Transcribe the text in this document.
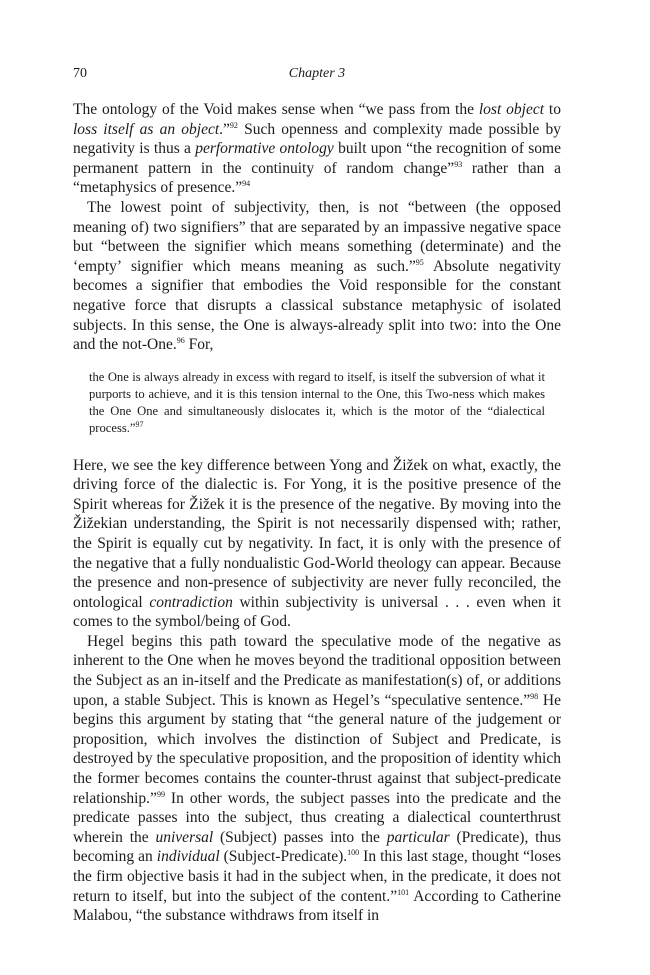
70	Chapter 3

The ontology of the Void makes sense when “we pass from the lost object to loss itself as an object.”$^{92}$ Such openness and complexity made possible by negativity is thus a performative ontology built upon “the recognition of some permanent pattern in the continuity of random change”$^{93}$ rather than a “metaphysics of presence.”$^{94}$

The lowest point of subjectivity, then, is not “between (the opposed meaning of) two signifiers” that are separated by an impassive negative space but “between the signifier which means something (determinate) and the ‘empty’ signifier which means meaning as such.”$^{95}$ Absolute negativity becomes a signifier that embodies the Void responsible for the constant negative force that disrupts a classical substance metaphysic of isolated subjects. In this sense, the One is always-already split into two: into the One and the not-One.$^{96}$ For,

the One is always already in excess with regard to itself, is itself the subversion of what it purports to achieve, and it is this tension internal to the One, this Two-ness which makes the One One and simultaneously dislocates it, which is the motor of the “dialectical process.”$^{97}$

Here, we see the key difference between Yong and Žižek on what, exactly, the driving force of the dialectic is. For Yong, it is the positive presence of the Spirit whereas for Žižek it is the presence of the negative. By moving into the Žižekian understanding, the Spirit is not necessarily dispensed with; rather, the Spirit is equally cut by negativity. In fact, it is only with the presence of the negative that a fully nondualistic God-World theology can appear. Because the presence and non-presence of subjectivity are never fully reconciled, the ontological contradiction within subjectivity is universal . . . even when it comes to the symbol/being of God.

Hegel begins this path toward the speculative mode of the negative as inherent to the One when he moves beyond the traditional opposition between the Subject as an in-itself and the Predicate as manifestation(s) of, or additions upon, a stable Subject. This is known as Hegel’s “speculative sentence.”$^{98}$ He begins this argument by stating that “the general nature of the judgement or proposition, which involves the distinction of Subject and Predicate, is destroyed by the speculative proposition, and the proposition of identity which the former becomes contains the counter-thrust against that subject-predicate relationship.”$^{99}$ In other words, the subject passes into the predicate and the predicate passes into the subject, thus creating a dialectical counterthrust wherein the universal (Subject) passes into the particular (Predicate), thus becoming an individual (Subject-Predicate).$^{100}$ In this last stage, thought “loses the firm objective basis it had in the subject when, in the predicate, it does not return to itself, but into the subject of the content.”$^{101}$ According to Catherine Malabou, “the substance withdraws from itself in
